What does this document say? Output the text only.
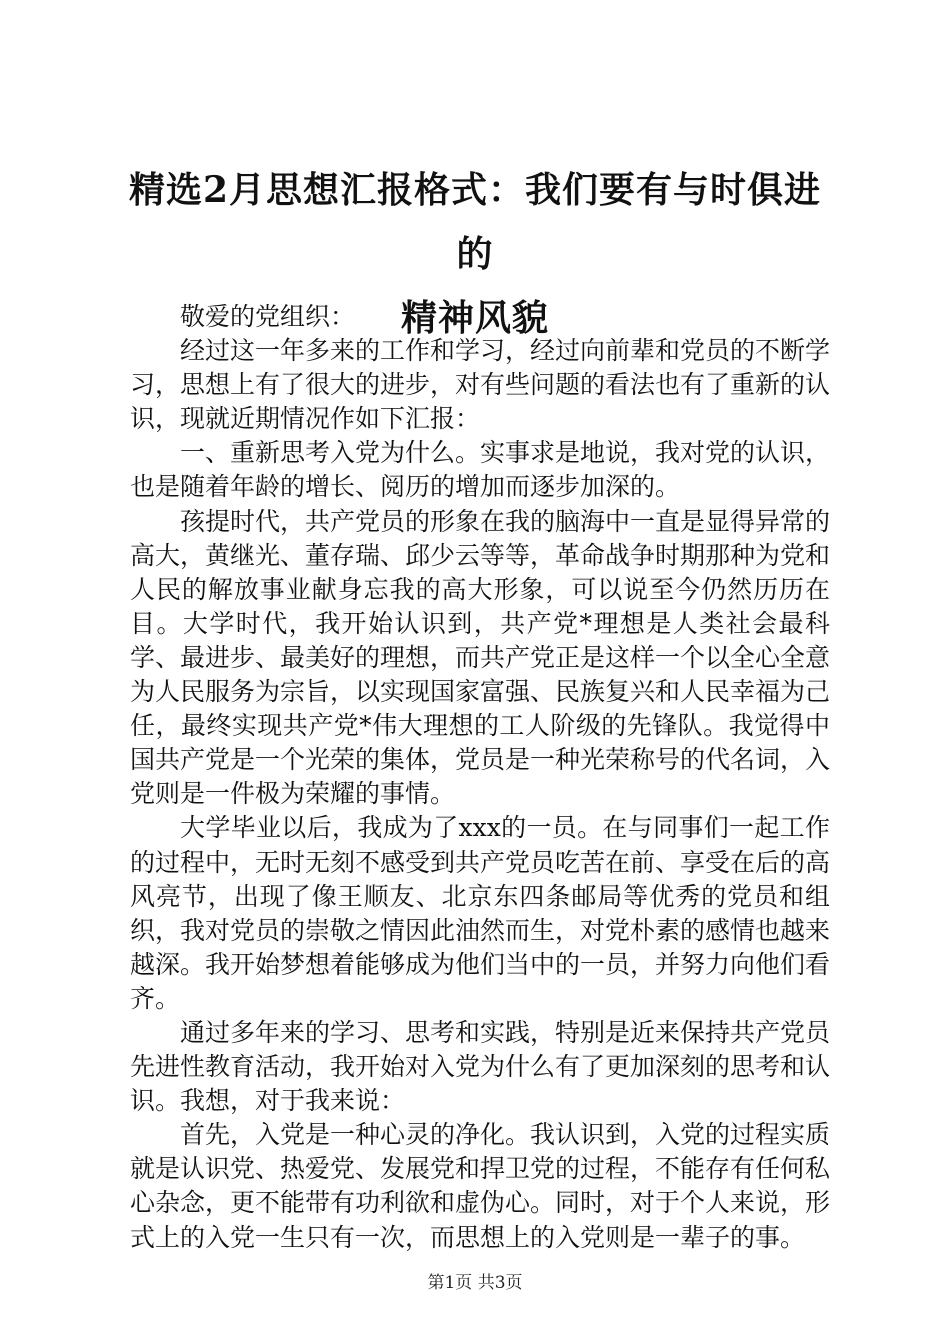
精选2月思想汇报格式：我们要有与时俱进的
精神风貌

敬爱的党组织：

经过这一年多来的工作和学习，经过向前辈和党员的不断学习，思想上有了很大的进步，对有些问题的看法也有了重新的认识，现就近期情况作如下汇报：

一、重新思考入党为什么。实事求是地说，我对党的认识，也是随着年龄的增长、阅历的增加而逐步加深的。

孩提时代，共产党员的形象在我的脑海中一直是显得异常的高大，黄继光、董存瑞、邱少云等等，革命战争时期那种为党和人民的解放事业献身忘我的高大形象，可以说至今仍然历历在目。大学时代，我开始认识到，共产党*理想是人类社会最科学、最进步、最美好的理想，而共产党正是这样一个以全心全意为人民服务为宗旨，以实现国家富强、民族复兴和人民幸福为己任，最终实现共产党*伟大理想的工人阶级的先锋队。我觉得中国共产党是一个光荣的集体，党员是一种光荣称号的代名词，入党则是一件极为荣耀的事情。

大学毕业以后，我成为了xxx的一员。在与同事们一起工作的过程中，无时无刻不感受到共产党员吃苦在前、享受在后的高风亮节，出现了像王顺友、北京东四条邮局等优秀的党员和组织，我对党员的崇敬之情因此油然而生，对党朴素的感情也越来越深。我开始梦想着能够成为他们当中的一员，并努力向他们看齐。

通过多年来的学习、思考和实践，特别是近来保持共产党员先进性教育活动，我开始对入党为什么有了更加深刻的思考和认识。我想，对于我来说：

首先，入党是一种心灵的净化。我认识到，入党的过程实质就是认识党、热爱党、发展党和捍卫党的过程，不能存有任何私心杂念，更不能带有功利欲和虚伪心。同时，对于个人来说，形式上的入党一生只有一次，而思想上的入党则是一辈子的事。

第1页 共3页
